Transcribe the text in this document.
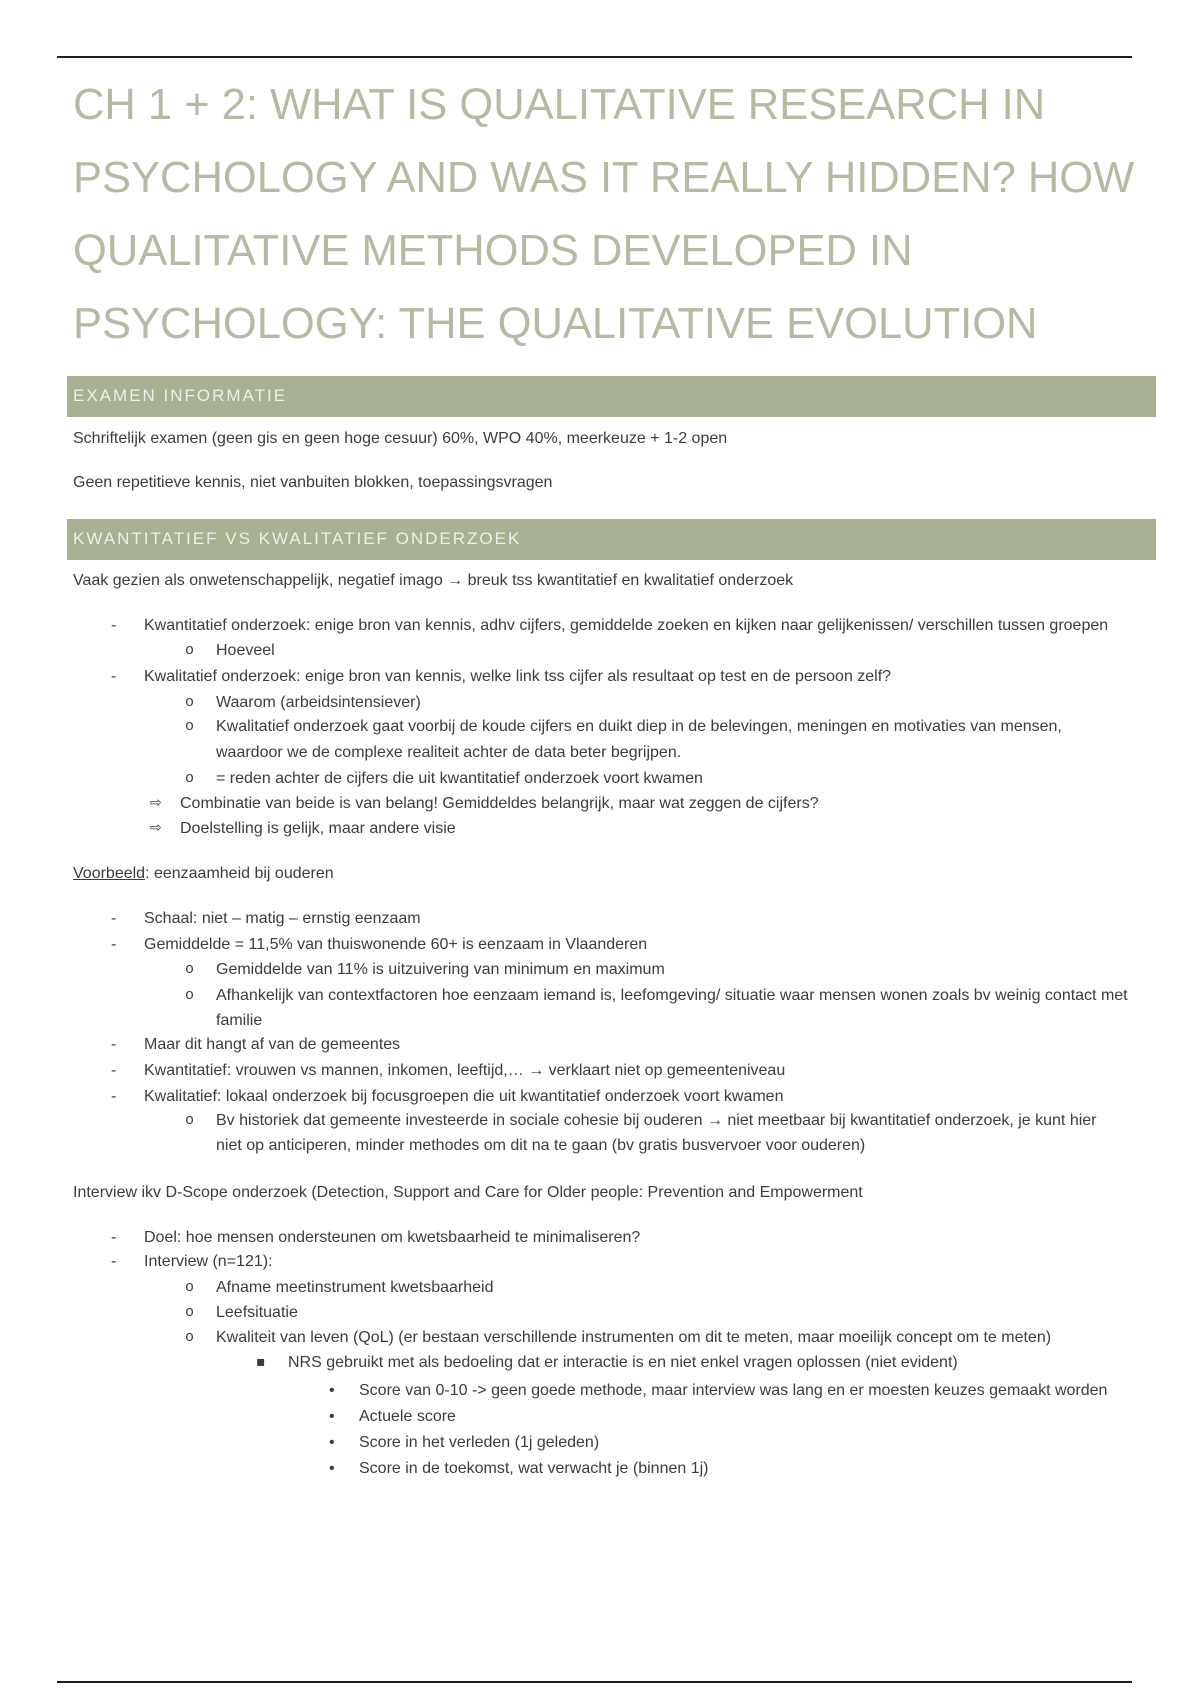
CH 1 + 2: WHAT IS QUALITATIVE RESEARCH IN
PSYCHOLOGY AND WAS IT REALLY HIDDEN? HOW
QUALITATIVE METHODS DEVELOPED IN
PSYCHOLOGY: THE QUALITATIVE EVOLUTION
EXAMEN INFORMATIE
Schriftelijk examen (geen gis en geen hoge cesuur) 60%, WPO 40%, meerkeuze + 1-2 open
Geen repetitieve kennis, niet vanbuiten blokken, toepassingsvragen
KWANTITATIEF VS KWALITATIEF ONDERZOEK
Vaak gezien als onwetenschappelijk, negatief imago → breuk tss kwantitatief en kwalitatief onderzoek
- Kwantitatief onderzoek: enige bron van kennis, adhv cijfers, gemiddelde zoeken en kijken naar gelijkenissen/ verschillen tussen groepen
o Hoeveel
- Kwalitatief onderzoek: enige bron van kennis, welke link tss cijfer als resultaat op test en de persoon zelf?
o Waarom (arbeidsintensiever)
o Kwalitatief onderzoek gaat voorbij de koude cijfers en duikt diep in de belevingen, meningen en motivaties van mensen,
waardoor we de complexe realiteit achter de data beter begrijpen.
o = reden achter de cijfers die uit kwantitatief onderzoek voort kwamen
⇨ Combinatie van beide is van belang! Gemiddeldes belangrijk, maar wat zeggen de cijfers?
⇨ Doelstelling is gelijk, maar andere visie
Voorbeeld: eenzaamheid bij ouderen
- Schaal: niet – matig – ernstig eenzaam
- Gemiddelde = 11,5% van thuiswonende 60+ is eenzaam in Vlaanderen
o Gemiddelde van 11% is uitzuivering van minimum en maximum
o Afhankelijk van contextfactoren hoe eenzaam iemand is, leefomgeving/ situatie waar mensen wonen zoals bv weinig contact met
familie
- Maar dit hangt af van de gemeentes
- Kwantitatief: vrouwen vs mannen, inkomen, leeftijd,… → verklaart niet op gemeenteniveau
- Kwalitatief: lokaal onderzoek bij focusgroepen die uit kwantitatief onderzoek voort kwamen
o Bv historiek dat gemeente investeerde in sociale cohesie bij ouderen → niet meetbaar bij kwantitatief onderzoek, je kunt hier
niet op anticiperen, minder methodes om dit na te gaan (bv gratis busvervoer voor ouderen)
Interview ikv D-Scope onderzoek (Detection, Support and Care for Older people: Prevention and Empowerment
- Doel: hoe mensen ondersteunen om kwetsbaarheid te minimaliseren?
- Interview (n=121):
o Afname meetinstrument kwetsbaarheid
o Leefsituatie
o Kwaliteit van leven (QoL) (er bestaan verschillende instrumenten om dit te meten, maar moeilijk concept om te meten)
▪ NRS gebruikt met als bedoeling dat er interactie is en niet enkel vragen oplossen (niet evident)
• Score van 0-10 -> geen goede methode, maar interview was lang en er moesten keuzes gemaakt worden
• Actuele score
• Score in het verleden (1j geleden)
• Score in de toekomst, wat verwacht je (binnen 1j)
